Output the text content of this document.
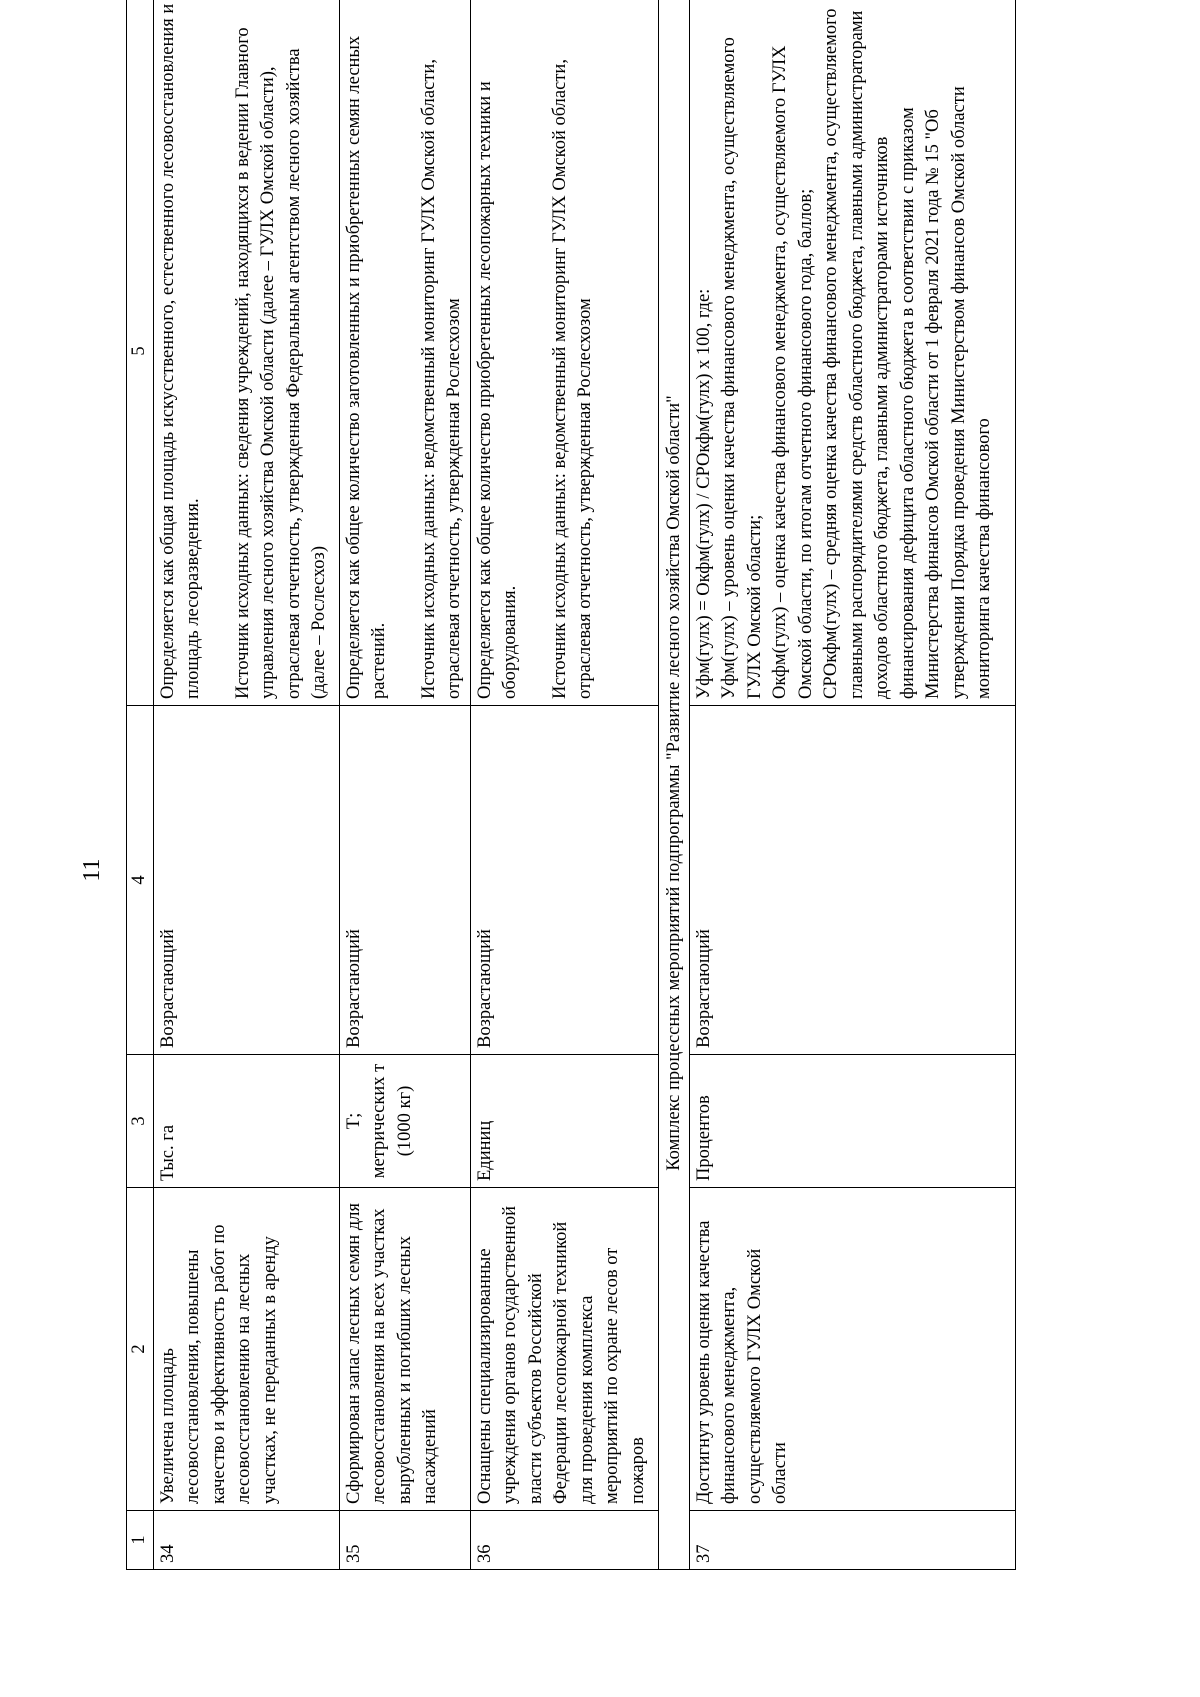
11
1	2	3	4	5
34	Увеличена площадь лесовосстановления, повышены качество и эффективность работ по лесовосстановлению на лесных участках, не переданных в аренду	Тыс. га	Возрастающий	Определяется как общая площадь искусственного, естественного лесовосстановления и площадь лесоразведения. Источник исходных данных: сведения учреждений, находящихся в ведении Главного управления лесного хозяйства Омской области (далее – ГУЛХ Омской области), отраслевая отчетность, утвержденная Федеральным агентством лесного хозяйства (далее – Рослесхоз)

35	Сформирован запас лесных семян для лесовосстановления на всех участках вырубленных и погибших лесных насаждений	Т; метрических т (1000 кг)	Возрастающий	Определяется как общее количество заготовленных и приобретенных семян лесных растений. Источник исходных данных: ведомственный мониторинг ГУЛХ Омской области, отраслевая отчетность, утвержденная Рослесхозом

36	Оснащены специализированные учреждения органов государственной власти субъектов Российской Федерации лесопожарной техникой для проведения комплекса мероприятий по охране лесов от пожаров	Единиц	Возрастающий	Определяется как общее количество приобретенных лесопожарных техники и оборудования. Источник исходных данных: ведомственный мониторинг ГУЛХ Омской области, отраслевая отчетность, утвержденная Рослесхозом

Комплекс процессных мероприятий подпрограммы "Развитие лесного хозяйства Омской области"				
37	Достигнут уровень оценки качества финансового менеджмента, осуществляемого ГУЛХ Омской области	Процентов	Возрастающий	Уфм(гулх) = Окфм(гулх) / СРОкфм(гулх) х 100, где: Уфм(гулх) – уровень оценки качества финансового менеджмента, осуществляемого ГУЛХ Омской области; Окфм(гулх) – оценка качества финансового менеджмента, осуществляемого ГУЛХ Омской области, по итогам отчетного финансового года, баллов; СРОкфм(гулх) – средняя оценка качества финансового менеджмента, осуществляемого главными распорядителями средств областного бюджета, главными администраторами доходов областного бюджета, главными администраторами источников финансирования дефицита областного бюджета в соответствии с приказом Министерства финансов Омской области от 1 февраля 2021 года № 15 "Об утверждении Порядка проведения Министерством финансов Омской области мониторинга качества финансового
